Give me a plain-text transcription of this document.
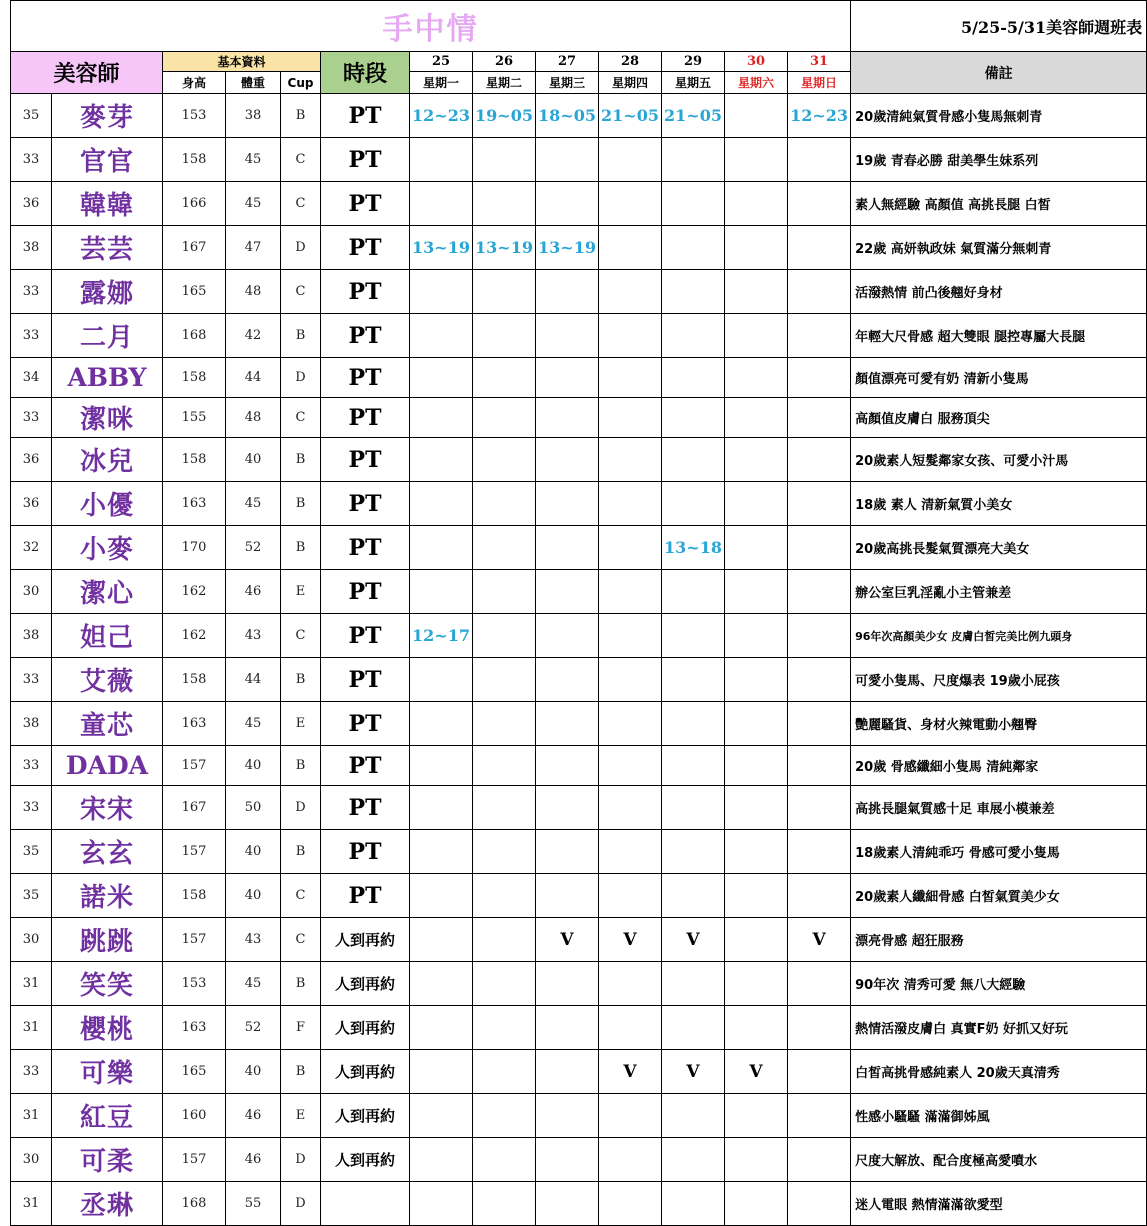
手中情													5/25-5/31美容師週班表
美容師		基本資料			時段	25	26	27	28	29	30	31	備註
		身高	體重	Cup		星期一	星期二	星期三	星期四	星期五	星期六	星期日	
35	麥芽	153	38	B	PT	12~23	19~05	18~05	21~05	21~05		12~23	20歲清純氣質骨感小隻馬無刺青
33	官官	158	45	C	PT								19歲 青春必勝 甜美學生妹系列
36	韓韓	166	45	C	PT								素人無經驗 高顏值 高挑長腿 白皙
38	芸芸	167	47	D	PT	13~19	13~19	13~19					22歲 高妍執政妹 氣質滿分無刺青
33	露娜	165	48	C	PT								活潑熱情 前凸後翹好身材
33	二月	168	42	B	PT								年輕大尺骨感 超大雙眼 腿控專屬大長腿
34	ABBY	158	44	D	PT								顏值漂亮可愛有奶 清新小隻馬
33	潔咪	155	48	C	PT								高顏值皮膚白 服務頂尖
36	冰兒	158	40	B	PT								20歲素人短髮鄰家女孩、可愛小汁馬
36	小優	163	45	B	PT								18歲 素人 清新氣質小美女
32	小麥	170	52	B	PT					13~18			20歲高挑長髮氣質漂亮大美女
30	潔心	162	46	E	PT								辦公室巨乳淫亂小主管兼差
38	妲己	162	43	C	PT	12~17							96年次高顏美少女 皮膚白皙完美比例九頭身
33	艾薇	158	44	B	PT								可愛小隻馬、尺度爆表 19歲小屁孩
38	童芯	163	45	E	PT								艷麗騷貨、身材火辣電動小翹臀
33	DADA	157	40	B	PT								20歲 骨感纖細小隻馬 清純鄰家
33	宋宋	167	50	D	PT								高挑長腿氣質感十足 車展小模兼差
35	玄玄	157	40	B	PT								18歲素人清純乖巧 骨感可愛小隻馬
35	諾米	158	40	C	PT								20歲素人纖細骨感 白皙氣質美少女
30	跳跳	157	43	C	人到再約			V	V	V		V	漂亮骨感 超狂服務
31	笑笑	153	45	B	人到再約								90年次 清秀可愛 無八大經驗
31	櫻桃	163	52	F	人到再約								熱情活潑皮膚白 真實F奶 好抓又好玩
33	可樂	165	40	B	人到再約				V	V	V		白皙高挑骨感純素人 20歲天真清秀
31	紅豆	160	46	E	人到再約								性感小騷騷 滿滿御姊風
30	可柔	157	46	D	人到再約								尺度大解放、配合度極高愛噴水
31	丞琳	168	55	D									迷人電眼 熱情滿滿欲愛型
